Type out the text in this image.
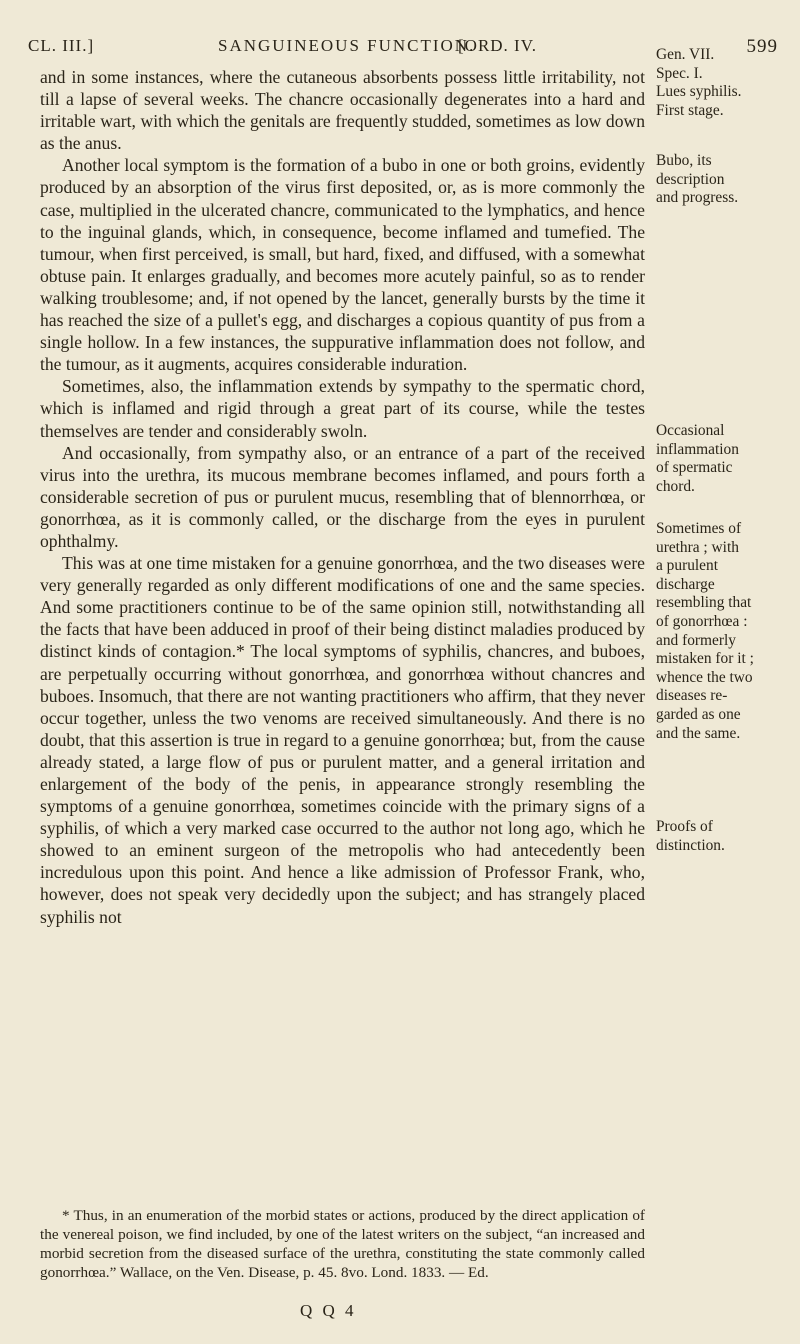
CL. III.]	SANGUINEOUS FUNCTION.
[ORD. IV.	599

and in some instances, where the cutaneous absorbents possess little irritability, not till a lapse of several weeks. The chancre occasionally degenerates into a hard and irritable wart, with which the genitals are frequently studded, sometimes as low down as the anus.

Another local symptom is the formation of a bubo in one or both groins, evidently produced by an absorption of the virus first deposited, or, as is more commonly the case, multiplied in the ulcerated chancre, communicated to the lymphatics, and hence to the inguinal glands, which, in consequence, become inflamed and tumefied. The tumour, when first perceived, is small, but hard, fixed, and diffused, with a somewhat obtuse pain. It enlarges gradually, and becomes more acutely painful, so as to render walking troublesome; and, if not opened by the lancet, generally bursts by the time it has reached the size of a pullet's egg, and discharges a copious quantity of pus from a single hollow. In a few instances, the suppurative inflammation does not follow, and the tumour, as it augments, acquires considerable induration.

Sometimes, also, the inflammation extends by sympathy to the spermatic chord, which is inflamed and rigid through a great part of its course, while the testes themselves are tender and considerably swoln.

And occasionally, from sympathy also, or an entrance of a part of the received virus into the urethra, its mucous membrane becomes inflamed, and pours forth a considerable secretion of pus or purulent mucus, resembling that of blennorrhœa, or gonorrhœa, as it is commonly called, or the discharge from the eyes in purulent ophthalmy.

This was at one time mistaken for a genuine gonorrhœa, and the two diseases were very generally regarded as only different modifications of one and the same species. And some practitioners continue to be of the same opinion still, notwithstanding all the facts that have been adduced in proof of their being distinct maladies produced by distinct kinds of contagion.* The local symptoms of syphilis, chancres, and buboes, are perpetually occurring without gonorrhœa, and gonorrhœa without chancres and buboes. Insomuch, that there are not wanting practitioners who affirm, that they never occur together, unless the two venoms are received simultaneously. And there is no doubt, that this assertion is true in regard to a genuine gonorrhœa; but, from the cause already stated, a large flow of pus or purulent matter, and a general irritation and enlargement of the body of the penis, in appearance strongly resembling the symptoms of a genuine gonorrhœa, sometimes coincide with the primary signs of a syphilis, of which a very marked case occurred to the author not long ago, which he showed to an eminent surgeon of the metropolis who had antecedently been incredulous upon this point. And hence a like admission of Professor Frank, who, however, does not speak very decidedly upon the subject; and has strangely placed syphilis not

* Thus, in an enumeration of the morbid states or actions, produced by the direct application of the venereal poison, we find included, by one of the latest writers on the subject, “an increased and morbid secretion from the diseased surface of the urethra, constituting the state commonly called gonorrhœa.” Wallace, on the Ven. Disease, p. 45. 8vo. Lond. 1833. — Ed.

Q Q 4
Gen. VII.
Spec. I.
Lues syphilis.
First stage.
Bubo, its
description
and progress.
Occasional
inflammation
of spermatic
chord.
Sometimes of
urethra ; with
a purulent
discharge
resembling that
of gonorrhœa :
and formerly
mistaken for it ;
whence the two
diseases re-
garded as one
and the same.
Proofs of
distinction.
